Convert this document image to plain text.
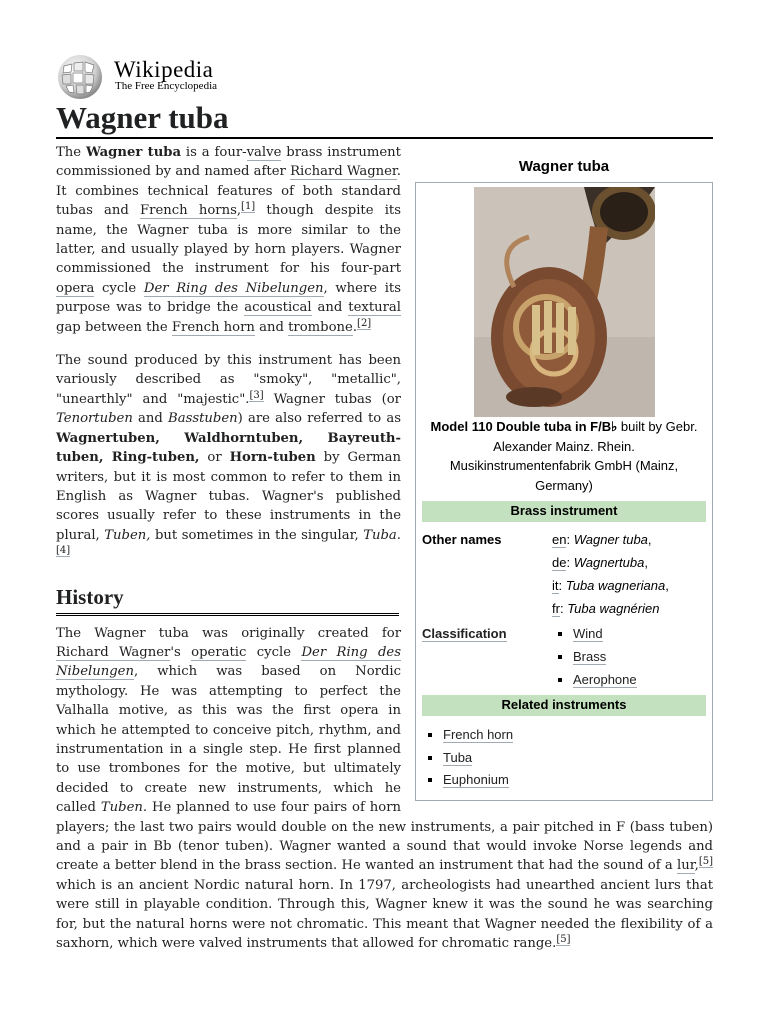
Wikipedia
The Free Encyclopedia
Wagner tuba
Wagner tuba
Model 110 Double tuba in F/B♭ built by Gebr. Alexander Mainz. Rhein. Musikinstrumentenfabrik GmbH (Mainz, Germany)
Brass instrument
Other names	en: Wagner tuba,
de: Wagnertuba,
it: Tuba wagneriana,
fr: Tuba wagnérien
Classification
▪	Wind
▪ Brass
▪ Aerophone
Related instruments
▪ French horn
▪ Tuba
▪ Euphonium

The Wagner tuba is a four-valve brass instrument commissioned by and named after Richard Wagner. It combines technical features of both standard tubas and French horns,[1] though despite its name, the Wagner tuba is more similar to the latter, and usually played by horn players. Wagner commissioned the instrument for his four-part opera cycle Der Ring des Nibelungen, where its purpose was to bridge the acoustical and textural gap between the French horn and trombone.[2]

The sound produced by this instrument has been variously described as "smoky", "metallic", "unearthly" and "majestic".[3] Wagner tubas (or Tenortuben and Basstuben) are also referred to as Wagnertuben, Waldhorntuben, Bayreuth-tuben, Ring-tuben, or Horn-tuben by German writers, but it is most common to refer to them in English as Wagner tubas. Wagner's published scores usually refer to these instruments in the plural, Tuben, but sometimes in the singular, Tuba.[4]

History

The Wagner tuba was originally created for Richard Wagner's operatic cycle Der Ring des Nibelungen, which was based on Nordic mythology. He was attempting to perfect the Valhalla motive, as this was the first opera in which he attempted to conceive pitch, rhythm, and instrumentation in a single step. He first planned to use trombones for the motive, but ultimately decided to create new instruments, which he called Tuben. He planned to use four pairs of horn players; the last two pairs would double on the new instruments, a pair pitched in F (bass tuben) and a pair in Bb (tenor tuben). Wagner wanted a sound that would invoke Norse legends and create a better blend in the brass section. He wanted an instrument that had the sound of a lur,[5] which is an ancient Nordic natural horn. In 1797, archeologists had unearthed ancient lurs that were still in playable condition. Through this, Wagner knew it was the sound he was searching for, but the natural horns were not chromatic. This meant that Wagner needed the flexibility of a saxhorn, which were valved instruments that allowed for chromatic range.[5]
